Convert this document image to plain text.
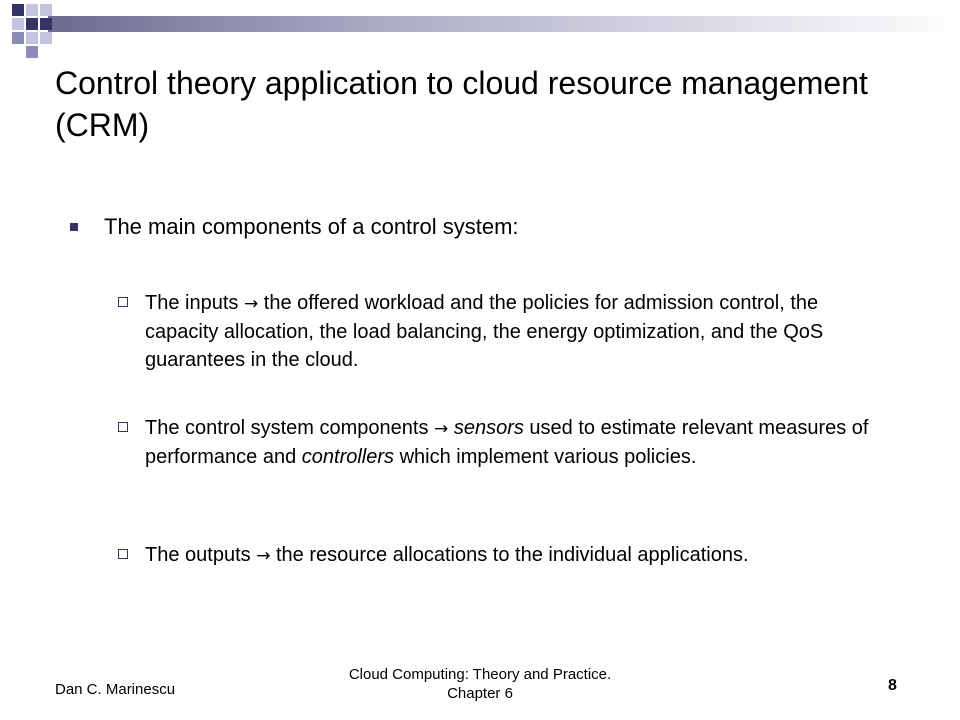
Control theory application to cloud resource management (CRM)
The main components of a control system:
The inputs → the offered workload and the policies for admission control, the capacity allocation, the load balancing, the energy optimization, and the QoS guarantees in the cloud.
The control system components → sensors used to estimate relevant measures of performance and controllers which implement various policies.
The outputs → the resource allocations to the individual applications.
Dan C. Marinescu
Cloud Computing: Theory and Practice.
Chapter 6	8
